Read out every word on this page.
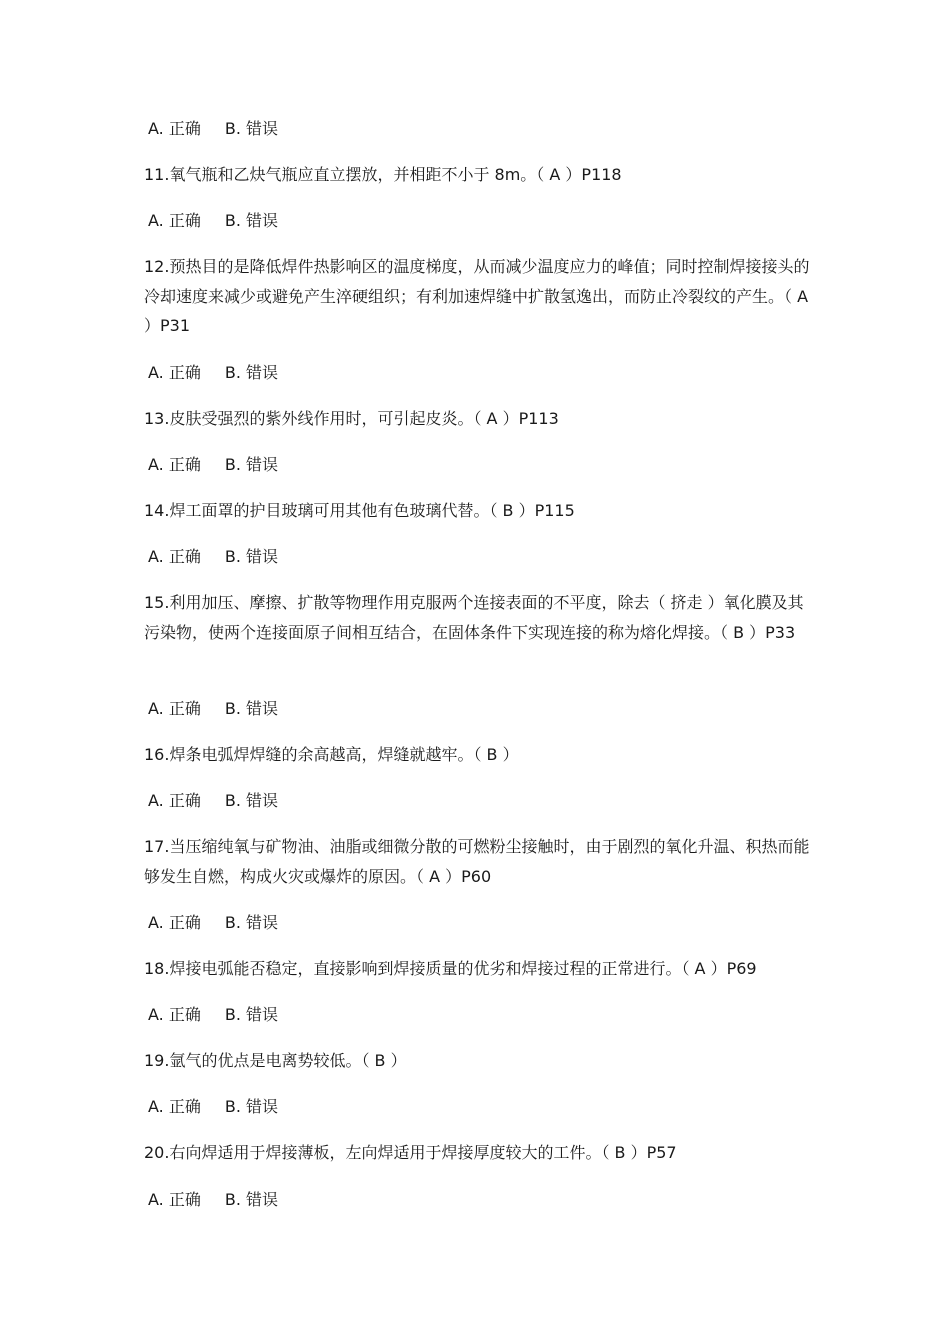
A. 正确 B. 错误

11.氧气瓶和乙炔气瓶应直立摆放，并相距不小于 8m。（ A ）P118

A. 正确 B. 错误

12.预热目的是降低焊件热影响区的温度梯度，从而减少温度应力的峰值；同时控制焊接接头的冷却速度来减少或避免产生淬硬组织；有利加速焊缝中扩散氢逸出，而防止冷裂纹的产生。（ A ）P31

A. 正确 B. 错误

13.皮肤受强烈的紫外线作用时，可引起皮炎。（ A ）P113

A. 正确 B. 错误

14.焊工面罩的护目玻璃可用其他有色玻璃代替。（ B ）P115

A. 正确 B. 错误

15.利用加压、摩擦、扩散等物理作用克服两个连接表面的不平度，除去（ 挤走 ）氧化膜及其污染物，使两个连接面原子间相互结合，在固体条件下实现连接的称为熔化焊接。（ B ）P33

A. 正确 B. 错误

16.焊条电弧焊焊缝的余高越高，焊缝就越牢。（ B ）

A. 正确 B. 错误

17.当压缩纯氧与矿物油、油脂或细微分散的可燃粉尘接触时，由于剧烈的氧化升温、积热而能够发生自燃，构成火灾或爆炸的原因。（ A ）P60

A. 正确 B. 错误

18.焊接电弧能否稳定，直接影响到焊接质量的优劣和焊接过程的正常进行。（ A ）P69

A. 正确 B. 错误

19.氩气的优点是电离势较低。（ B ）

A. 正确 B. 错误

20.右向焊适用于焊接薄板，左向焊适用于焊接厚度较大的工件。（ B ）P57

A. 正确 B. 错误
